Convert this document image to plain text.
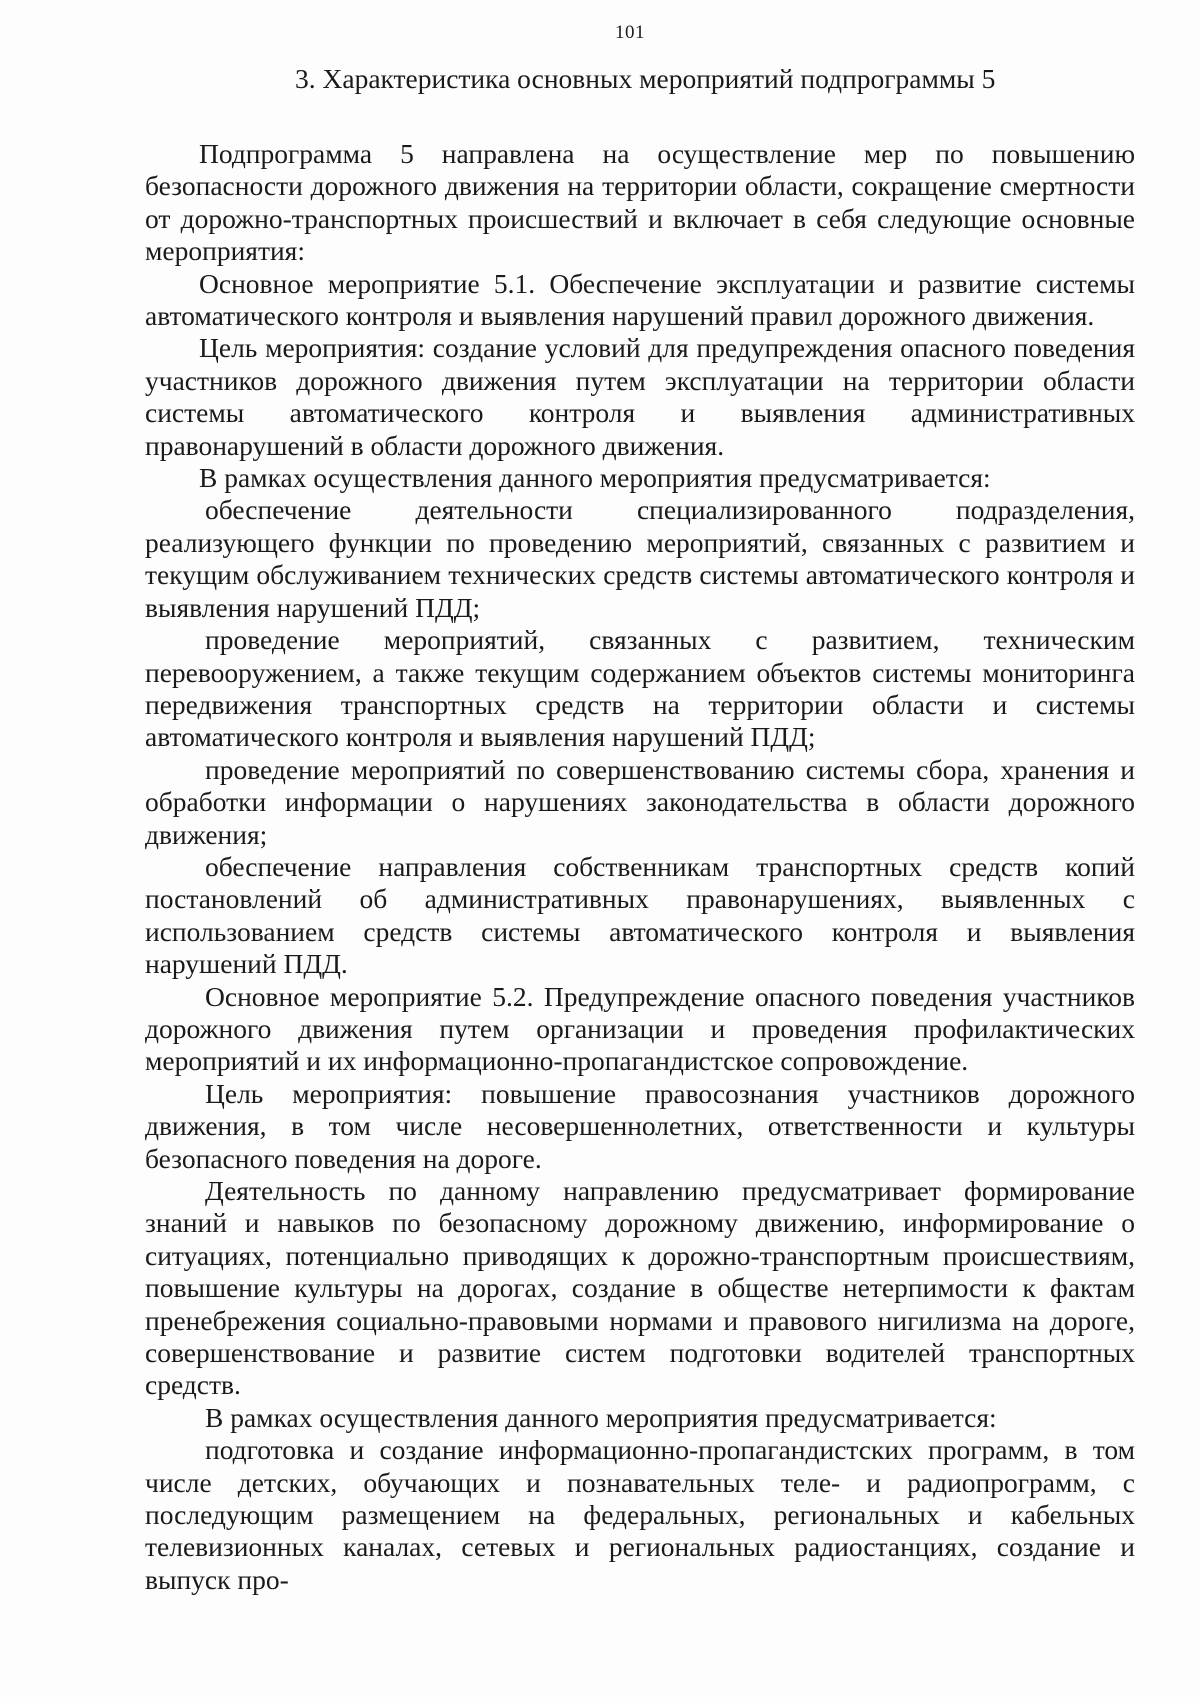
101
3. Характеристика основных мероприятий подпрограммы 5

Подпрограмма 5 направлена на осуществление мер по повышению безопасности дорожного движения на территории области, сокращение смертности от дорожно-транспортных происшествий и включает в себя следующие основные мероприятия:

Основное мероприятие 5.1. Обеспечение эксплуатации и развитие системы автоматического контроля и выявления нарушений правил дорожного движения.

Цель мероприятия: создание условий для предупреждения опасного поведения участников дорожного движения путем эксплуатации на территории области системы автоматического контроля и выявления административных правонарушений в области дорожного движения.

В рамках осуществления данного мероприятия предусматривается:

обеспечение деятельности специализированного подразделения, реализующего функции по проведению мероприятий, связанных с развитием и текущим обслуживанием технических средств системы автоматического контроля и выявления нарушений ПДД;

проведение мероприятий, связанных с развитием, техническим перевооружением, а также текущим содержанием объектов системы мониторинга передвижения транспортных средств на территории области и системы автоматического контроля и выявления нарушений ПДД;

проведение мероприятий по совершенствованию системы сбора, хранения и обработки информации о нарушениях законодательства в области дорожного движения;

обеспечение направления собственникам транспортных средств копий постановлений об административных правонарушениях, выявленных с использованием средств системы автоматического контроля и выявления нарушений ПДД.

Основное мероприятие 5.2. Предупреждение опасного поведения участников дорожного движения путем организации и проведения профилактических мероприятий и их информационно-пропагандистское сопровождение.

Цель мероприятия: повышение правосознания участников дорожного движения, в том числе несовершеннолетних, ответственности и культуры безопасного поведения на дороге.

Деятельность по данному направлению предусматривает формирование знаний и навыков по безопасному дорожному движению, информирование о ситуациях, потенциально приводящих к дорожно-транспортным происшествиям, повышение культуры на дорогах, создание в обществе нетерпимости к фактам пренебрежения социально-правовыми нормами и правового нигилизма на дороге, совершенствование и развитие систем подготовки водителей транспортных средств.

В рамках осуществления данного мероприятия предусматривается:

подготовка и создание информационно-пропагандистских программ, в том числе детских, обучающих и познавательных теле- и радиопрограмм, с последующим размещением на федеральных, региональных и кабельных телевизионных каналах, сетевых и региональных радиостанциях, создание и выпуск про-
